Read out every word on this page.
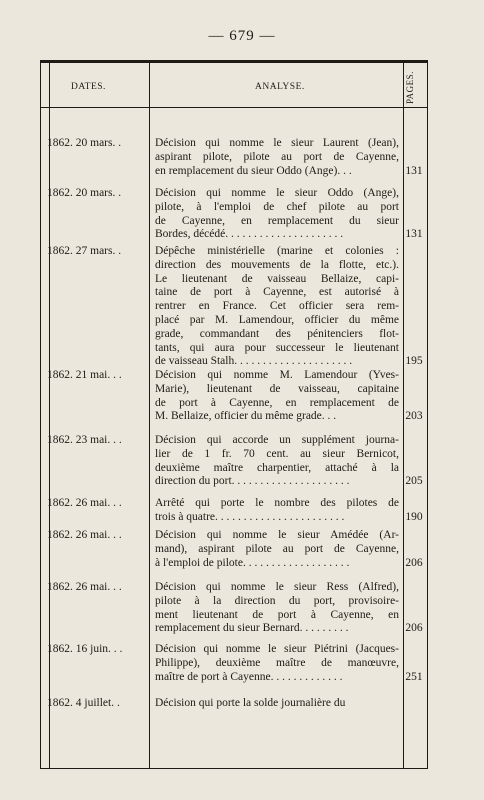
— 679 —
DATES.	ANALYSE.	PAGES.
1862. 20 mars. .	Décision qui nomme le sieur Laurent (Jean),
aspirant pilote, pilote au port de Cayenne,
en remplacement du sieur Oddo (Ange). . .	131
1862. 20 mars. .	Décision qui nomme le sieur Oddo (Ange),
pilote, à l'emploi de chef pilote au port
de Cayenne, en remplacement du sieur
Bordes, décédé. . . . . . . . . . . . . . . . . . . . .	131
1862. 27 mars. .	Dépêche ministérielle (marine et colonies :
direction des mouvements de la flotte, etc.).
Le lieutenant de vaisseau Bellaize, capi-
taine de port à Cayenne, est autorisé à
rentrer en France. Cet officier sera rem-
placé par M. Lamendour, officier du même
grade, commandant des pénitenciers flot-
tants, qui aura pour successeur le lieutenant
de vaisseau Stalh. . . . . . . . . . . . . . . . . . . . .	195
1862. 21 mai. . .	Décision qui nomme M. Lamendour (Yves-
Marie), lieutenant de vaisseau, capitaine
de port à Cayenne, en remplacement de
M. Bellaize, officier du même grade. . .	203
1862. 23 mai. . .	Décision qui accorde un supplément journa-
lier de 1 fr. 70 cent. au sieur Bernicot,
deuxième maître charpentier, attaché à la
direction du port. . . . . . . . . . . . . . . . . . . . .	205
1862. 26 mai. . .	Arrêté qui porte le nombre des pilotes de
trois à quatre. . . . . . . . . . . . . . . . . . . . . . .	190
1862. 26 mai. . .	Décision qui nomme le sieur Amédée (Ar-
mand), aspirant pilote au port de Cayenne,
à l'emploi de pilote. . . . . . . . . . . . . . . . . . .	206
1862. 26 mai. . .	Décision qui nomme le sieur Ress (Alfred),
pilote à la direction du port, provisoire-
ment lieutenant de port à Cayenne, en
remplacement du sieur Bernard. . . . . . . . .	206
1862. 16 juin. . .	Décision qui nomme le sieur Piétrini (Jacques-
Philippe), deuxième maître de manœuvre,
maître de port à Cayenne. . . . . . . . . . . . .	251
1862. 4 juillet. .	Décision qui porte la solde journalière du
